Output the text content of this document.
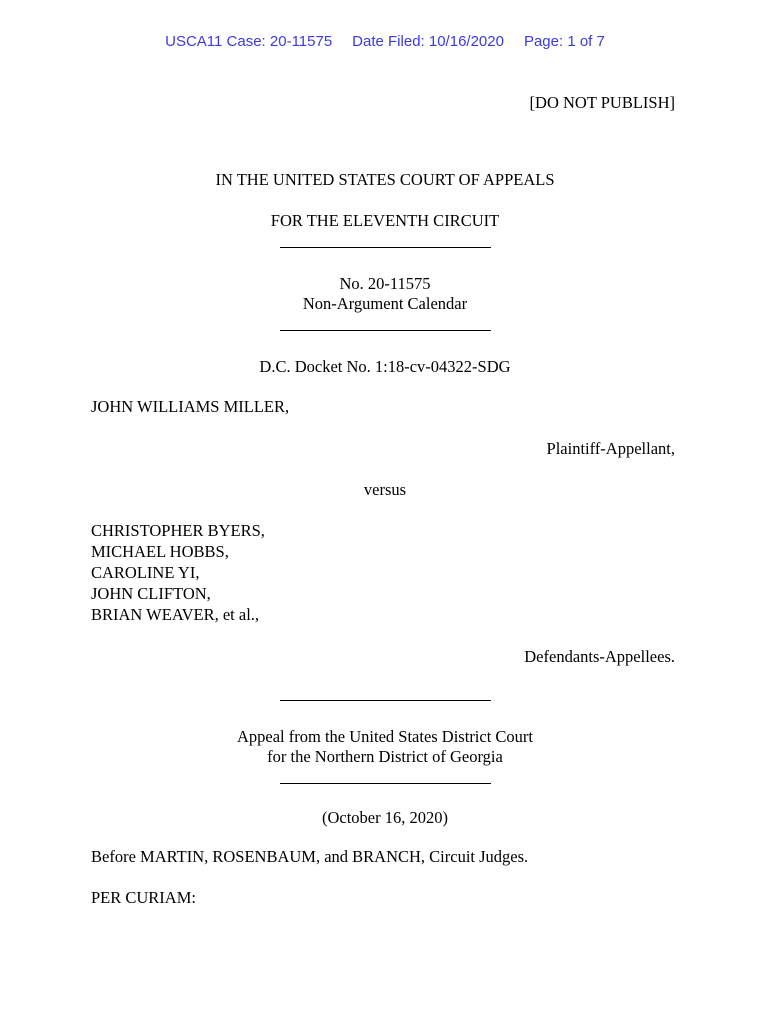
USCA11 Case: 20-11575 Date Filed: 10/16/2020 Page: 1 of 7
[DO NOT PUBLISH]
IN THE UNITED STATES COURT OF APPEALS
FOR THE ELEVENTH CIRCUIT
No. 20-11575
Non-Argument Calendar
D.C. Docket No. 1:18-cv-04322-SDG
JOHN WILLIAMS MILLER,
Plaintiff-Appellant,
versus
CHRISTOPHER BYERS,
MICHAEL HOBBS,
CAROLINE YI,
JOHN CLIFTON,
BRIAN WEAVER, et al.,
Defendants-Appellees.
Appeal from the United States District Court
for the Northern District of Georgia
(October 16, 2020)
Before MARTIN, ROSENBAUM, and BRANCH, Circuit Judges.
PER CURIAM:
